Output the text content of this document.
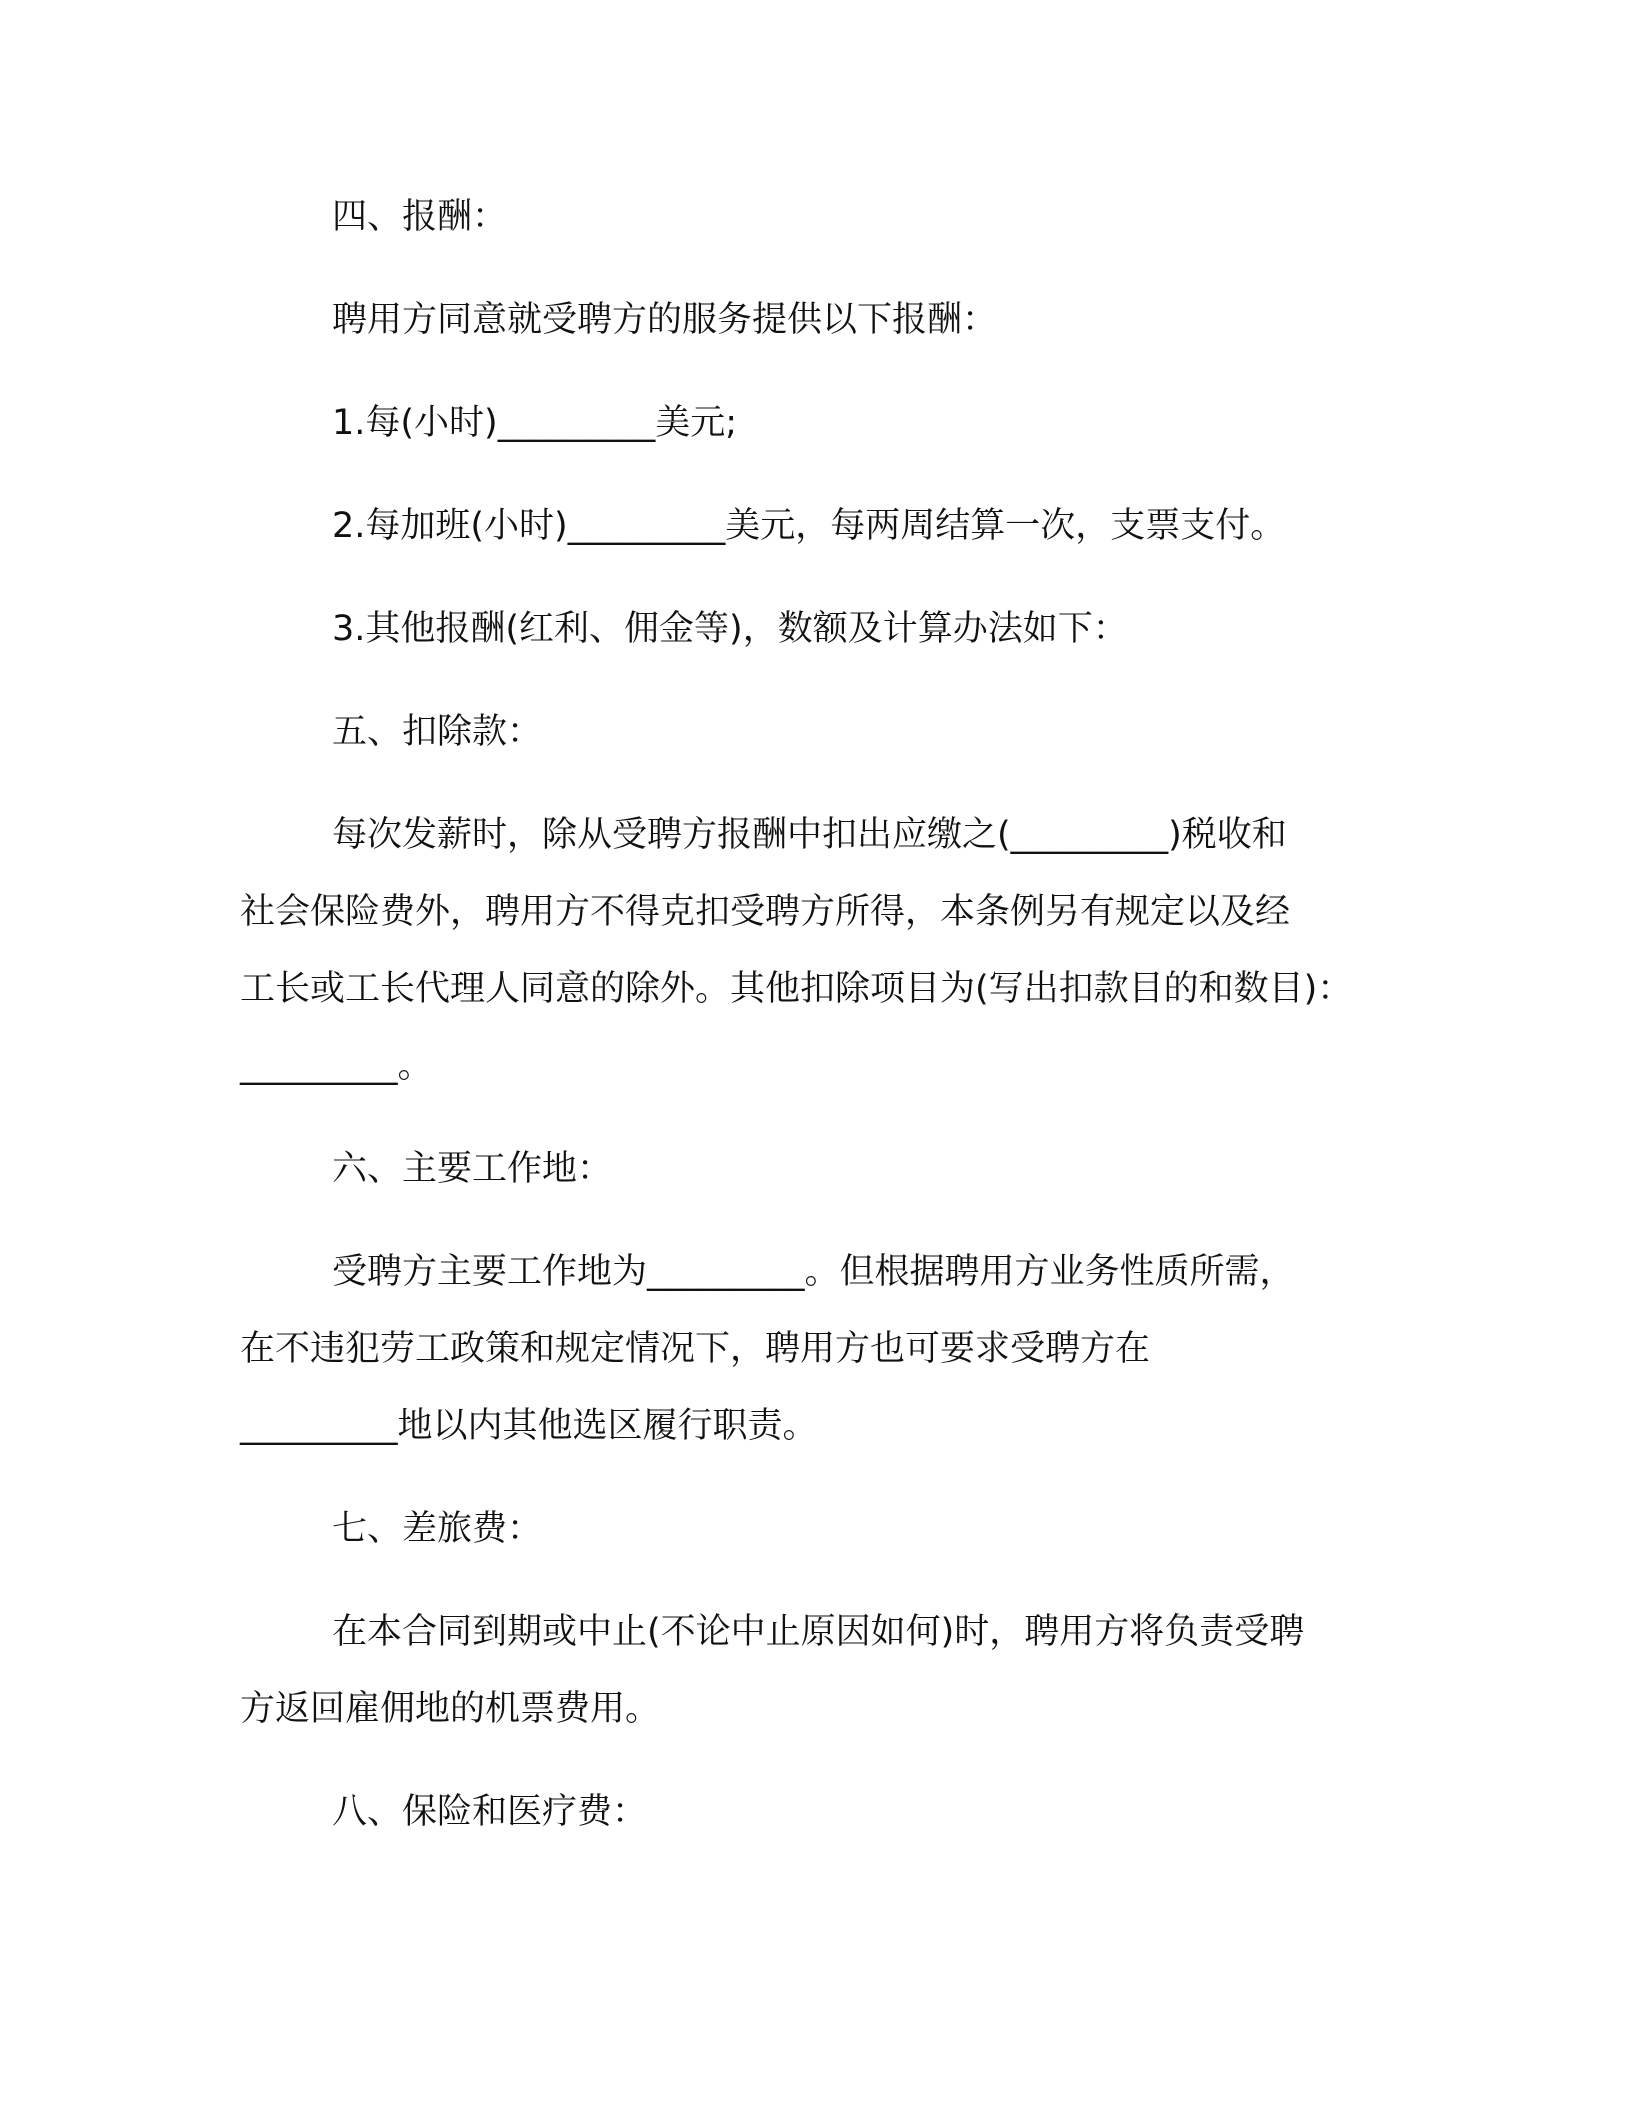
四、报酬：

聘用方同意就受聘方的服务提供以下报酬：

1.每(小时)_________美元;

2.每加班(小时)_________美元，每两周结算一次，支票支付。

3.其他报酬(红利、佣金等)，数额及计算办法如下：

五、扣除款：

每次发薪时，除从受聘方报酬中扣出应缴之(_________)税收和

社会保险费外，聘用方不得克扣受聘方所得，本条例另有规定以及经

工长或工长代理人同意的除外。其他扣除项目为(写出扣款目的和数目)：

_________。

六、主要工作地：

受聘方主要工作地为_________。但根据聘用方业务性质所需，

在不违犯劳工政策和规定情况下，聘用方也可要求受聘方在

_________地以内其他选区履行职责。

七、差旅费：

在本合同到期或中止(不论中止原因如何)时，聘用方将负责受聘

方返回雇佣地的机票费用。

八、保险和医疗费：
